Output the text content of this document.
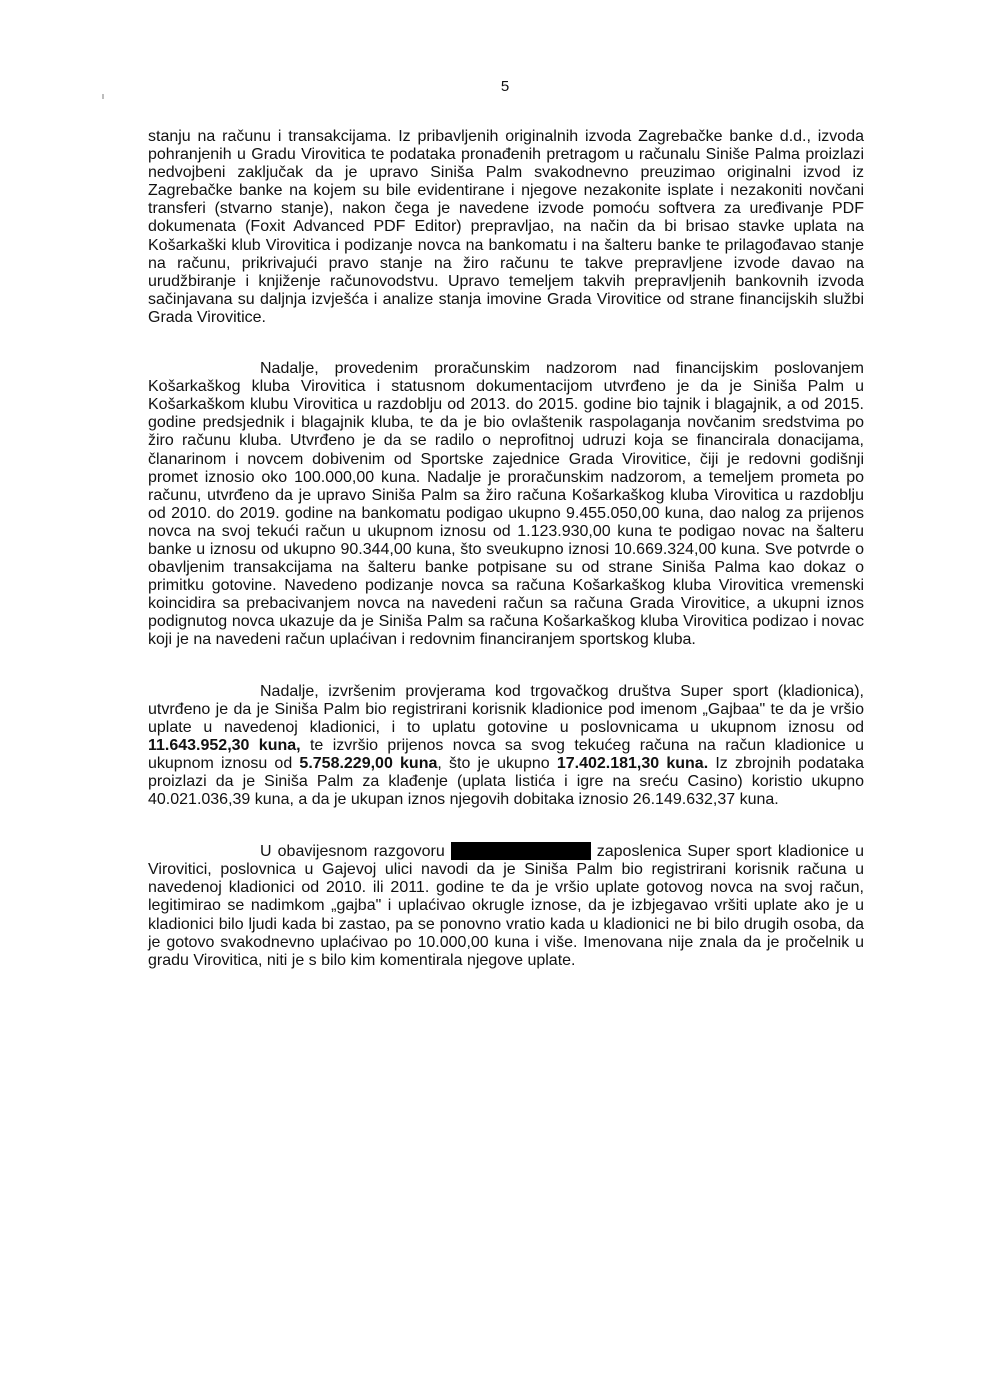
5

stanju na računu i transakcijama. Iz pribavljenih originalnih izvoda Zagrebačke banke d.d., izvoda pohranjenih u Gradu Virovitica te podataka pronađenih pretragom u računalu Siniše Palma proizlazi nedvojbeni zaključak da je upravo Siniša Palm svakodnevno preuzimao originalni izvod iz Zagrebačke banke na kojem su bile evidentirane i njegove nezakonite isplate i nezakoniti novčani transferi (stvarno stanje), nakon čega je navedene izvode pomoću softvera za uređivanje PDF dokumenata (Foxit Advanced PDF Editor) prepravljao, na način da bi brisao stavke uplata na Košarkaški klub Virovitica i podizanje novca na bankomatu i na šalteru banke te prilagođavao stanje na računu, prikrivajući pravo stanje na žiro računu te takve prepravljene izvode davao na urudžbiranje i knjiženje računovodstvu. Upravo temeljem takvih prepravljenih bankovnih izvoda sačinjavana su daljnja izvješća i analize stanja imovine Grada Virovitice od strane financijskih službi Grada Virovitice.

Nadalje, provedenim proračunskim nadzorom nad financijskim poslovanjem Košarkaškog kluba Virovitica i statusnom dokumentacijom utvrđeno je da je Siniša Palm u Košarkaškom klubu Virovitica u razdoblju od 2013. do 2015. godine bio tajnik i blagajnik, a od 2015. godine predsjednik i blagajnik kluba, te da je bio ovlaštenik raspolaganja novčanim sredstvima po žiro računu kluba. Utvrđeno je da se radilo o neprofitnoj udruzi koja se financirala donacijama, članarinom i novcem dobivenim od Sportske zajednice Grada Virovitice, čiji je redovni godišnji promet iznosio oko 100.000,00 kuna. Nadalje je proračunskim nadzorom, a temeljem prometa po računu, utvrđeno da je upravo Siniša Palm sa žiro računa Košarkaškog kluba Virovitica u razdoblju od 2010. do 2019. godine na bankomatu podigao ukupno 9.455.050,00 kuna, dao nalog za prijenos novca na svoj tekući račun u ukupnom iznosu od 1.123.930,00 kuna te podigao novac na šalteru banke u iznosu od ukupno 90.344,00 kuna, što sveukupno iznosi 10.669.324,00 kuna. Sve potvrde o obavljenim transakcijama na šalteru banke potpisane su od strane Siniša Palma kao dokaz o primitku gotovine. Navedeno podizanje novca sa računa Košarkaškog kluba Virovitica vremenski koincidira sa prebacivanjem novca na navedeni račun sa računa Grada Virovitice, a ukupni iznos podignutog novca ukazuje da je Siniša Palm sa računa Košarkaškog kluba Virovitica podizao i novac koji je na navedeni račun uplaćivan i redovnim financiranjem sportskog kluba.

Nadalje, izvršenim provjerama kod trgovačkog društva Super sport (kladionica), utvrđeno je da je Siniša Palm bio registrirani korisnik kladionice pod imenom „Gajbaa" te da je vršio uplate u navedenoj kladionici, i to uplatu gotovine u poslovnicama u ukupnom iznosu od 11.643.952,30 kuna, te izvršio prijenos novca sa svog tekućeg računa na račun kladionice u ukupnom iznosu od 5.758.229,00 kuna, što je ukupno 17.402.181,30 kuna. Iz zbrojnih podataka proizlazi da je Siniša Palm za klađenje (uplata listića i igre na sreću Casino) koristio ukupno 40.021.036,39 kuna, a da je ukupan iznos njegovih dobitaka iznosio 26.149.632,37 kuna.

U obavijesnom razgovoru	zaposlenica Super sport kladionice u Virovitici, poslovnica u Gajevoj ulici navodi da je Siniša Palm bio registrirani korisnik računa u navedenoj kladionici od 2010. ili 2011. godine te da je vršio uplate gotovog novca na svoj račun, legitimirao se nadimkom „gajba" i uplaćivao okrugle iznose, da je izbjegavao vršiti uplate ako je u kladionici bilo ljudi kada bi zastao, pa se ponovno vratio kada u kladionici ne bi bilo drugih osoba, da je gotovo svakodnevno uplaćivao po 10.000,00 kuna i više. Imenovana nije znala da je pročelnik u gradu Virovitica, niti je s bilo kim komentirala njegove uplate.
